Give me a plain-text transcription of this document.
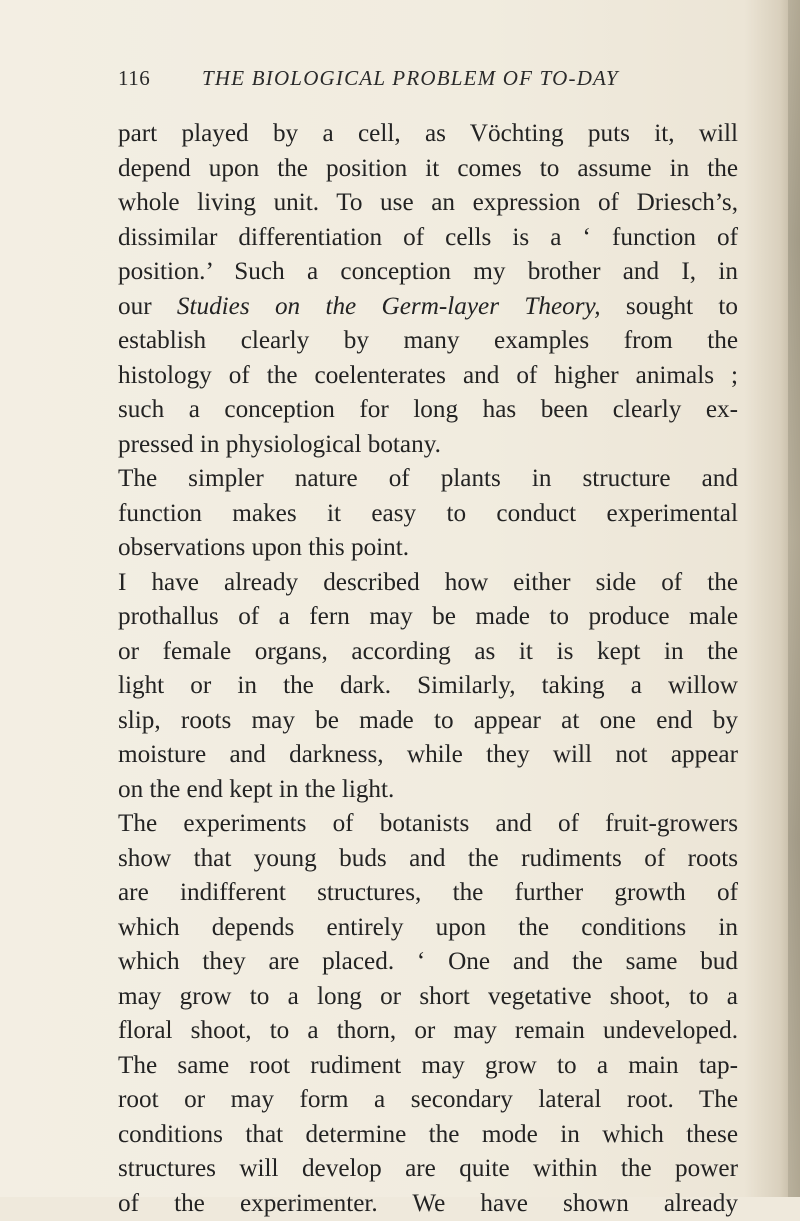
116 THE BIOLOGICAL PROBLEM OF TO-DAY
part played by a cell, as Vöchting puts it, will
depend upon the position it comes to assume in the
whole living unit. To use an expression of Driesch’s,
dissimilar differentiation of cells is a ‘ function of
position.’ Such a conception my brother and I, in
our Studies on the Germ-layer Theory, sought to
establish clearly by many examples from the
histology of the coelenterates and of higher animals ;
such a conception for long has been clearly ex-
pressed in physiological botany.
The simpler nature of plants in structure and
function makes it easy to conduct experimental
observations upon this point.
I have already described how either side of the
prothallus of a fern may be made to produce male
or female organs, according as it is kept in the
light or in the dark. Similarly, taking a willow
slip, roots may be made to appear at one end by
moisture and darkness, while they will not appear
on the end kept in the light.
The experiments of botanists and of fruit-growers
show that young buds and the rudiments of roots
are indifferent structures, the further growth of
which depends entirely upon the conditions in
which they are placed. ‘ One and the same bud
may grow to a long or short vegetative shoot, to a
floral shoot, to a thorn, or may remain undeveloped.
The same root rudiment may grow to a main tap-
root or may form a secondary lateral root. The
conditions that determine the mode in which these
structures will develop are quite within the power
of the experimenter. We have shown already
